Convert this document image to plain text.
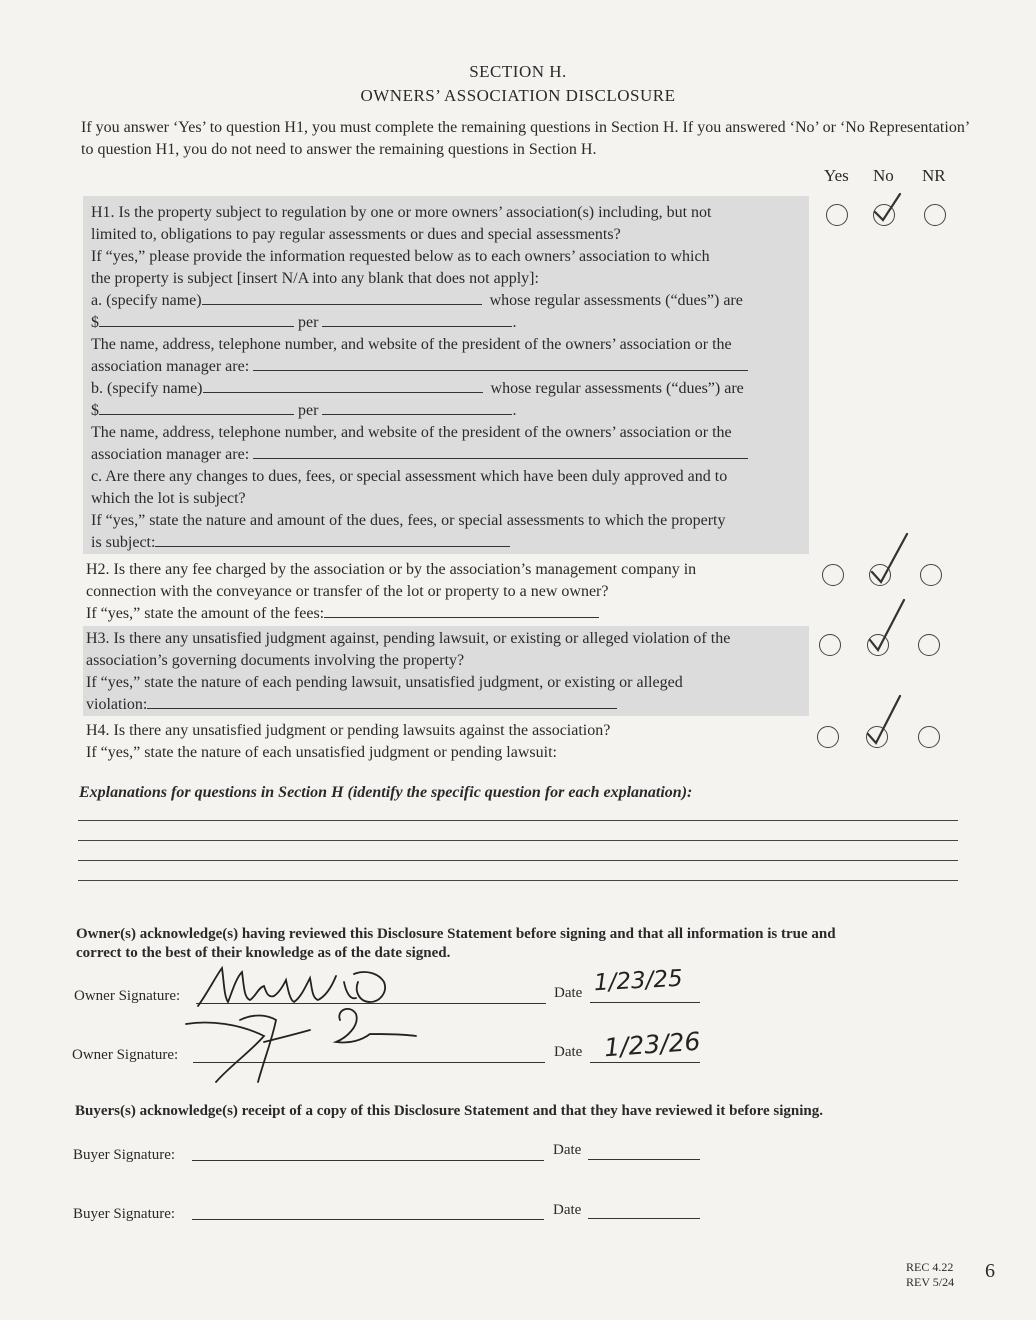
SECTION H.
OWNERS’ ASSOCIATION DISCLOSURE
If you answer ‘Yes’ to question H1, you must complete the remaining questions in Section H. If you answered ‘No’ or ‘No Representation’ to question H1, you do not need to answer the remaining questions in Section H.
Yes No NR

H1. Is the property subject to regulation by one or more owners’ association(s) including, but not

limited to, obligations to pay regular assessments or dues and special assessments?

If “yes,” please provide the information requested below as to each owners’ association to which

the property is subject [insert N/A into any blank that does not apply]:

a. (specify name)	whose regular assessments (“dues”) are

$	per	.

The name, address, telephone number, and website of the president of the owners’ association or the

association manager are:

b. (specify name)	whose regular assessments (“dues”) are

$	per	.

The name, address, telephone number, and website of the president of the owners’ association or the

association manager are:

c. Are there any changes to dues, fees, or special assessment which have been duly approved and to

which the lot is subject?

If “yes,” state the nature and amount of the dues, fees, or special assessments to which the property

is subject:

H2. Is there any fee charged by the association or by the association’s management company in

connection with the conveyance or transfer of the lot or property to a new owner?

If “yes,” state the amount of the fees:

H3. Is there any unsatisfied judgment against, pending lawsuit, or existing or alleged violation of the

association’s governing documents involving the property?

If “yes,” state the nature of each pending lawsuit, unsatisfied judgment, or existing or alleged

violation:

H4. Is there any unsatisfied judgment or pending lawsuits against the association?

If “yes,” state the nature of each unsatisfied judgment or pending lawsuit:

Explanations for questions in Section H (identify the specific question for each explanation):
Owner(s) acknowledge(s) having reviewed this Disclosure Statement before signing and that all information is true and
correct to the best of their knowledge as of the date signed.
Owner Signature:	Date 1/23/25
Owner Signature:	Date 1/23/26
Buyers(s) acknowledge(s) receipt of a copy of this Disclosure Statement and that they have reviewed it before signing.
Buyer Signature:	Date
Buyer Signature:	Date
REC 4.22
REV 5/24 6
